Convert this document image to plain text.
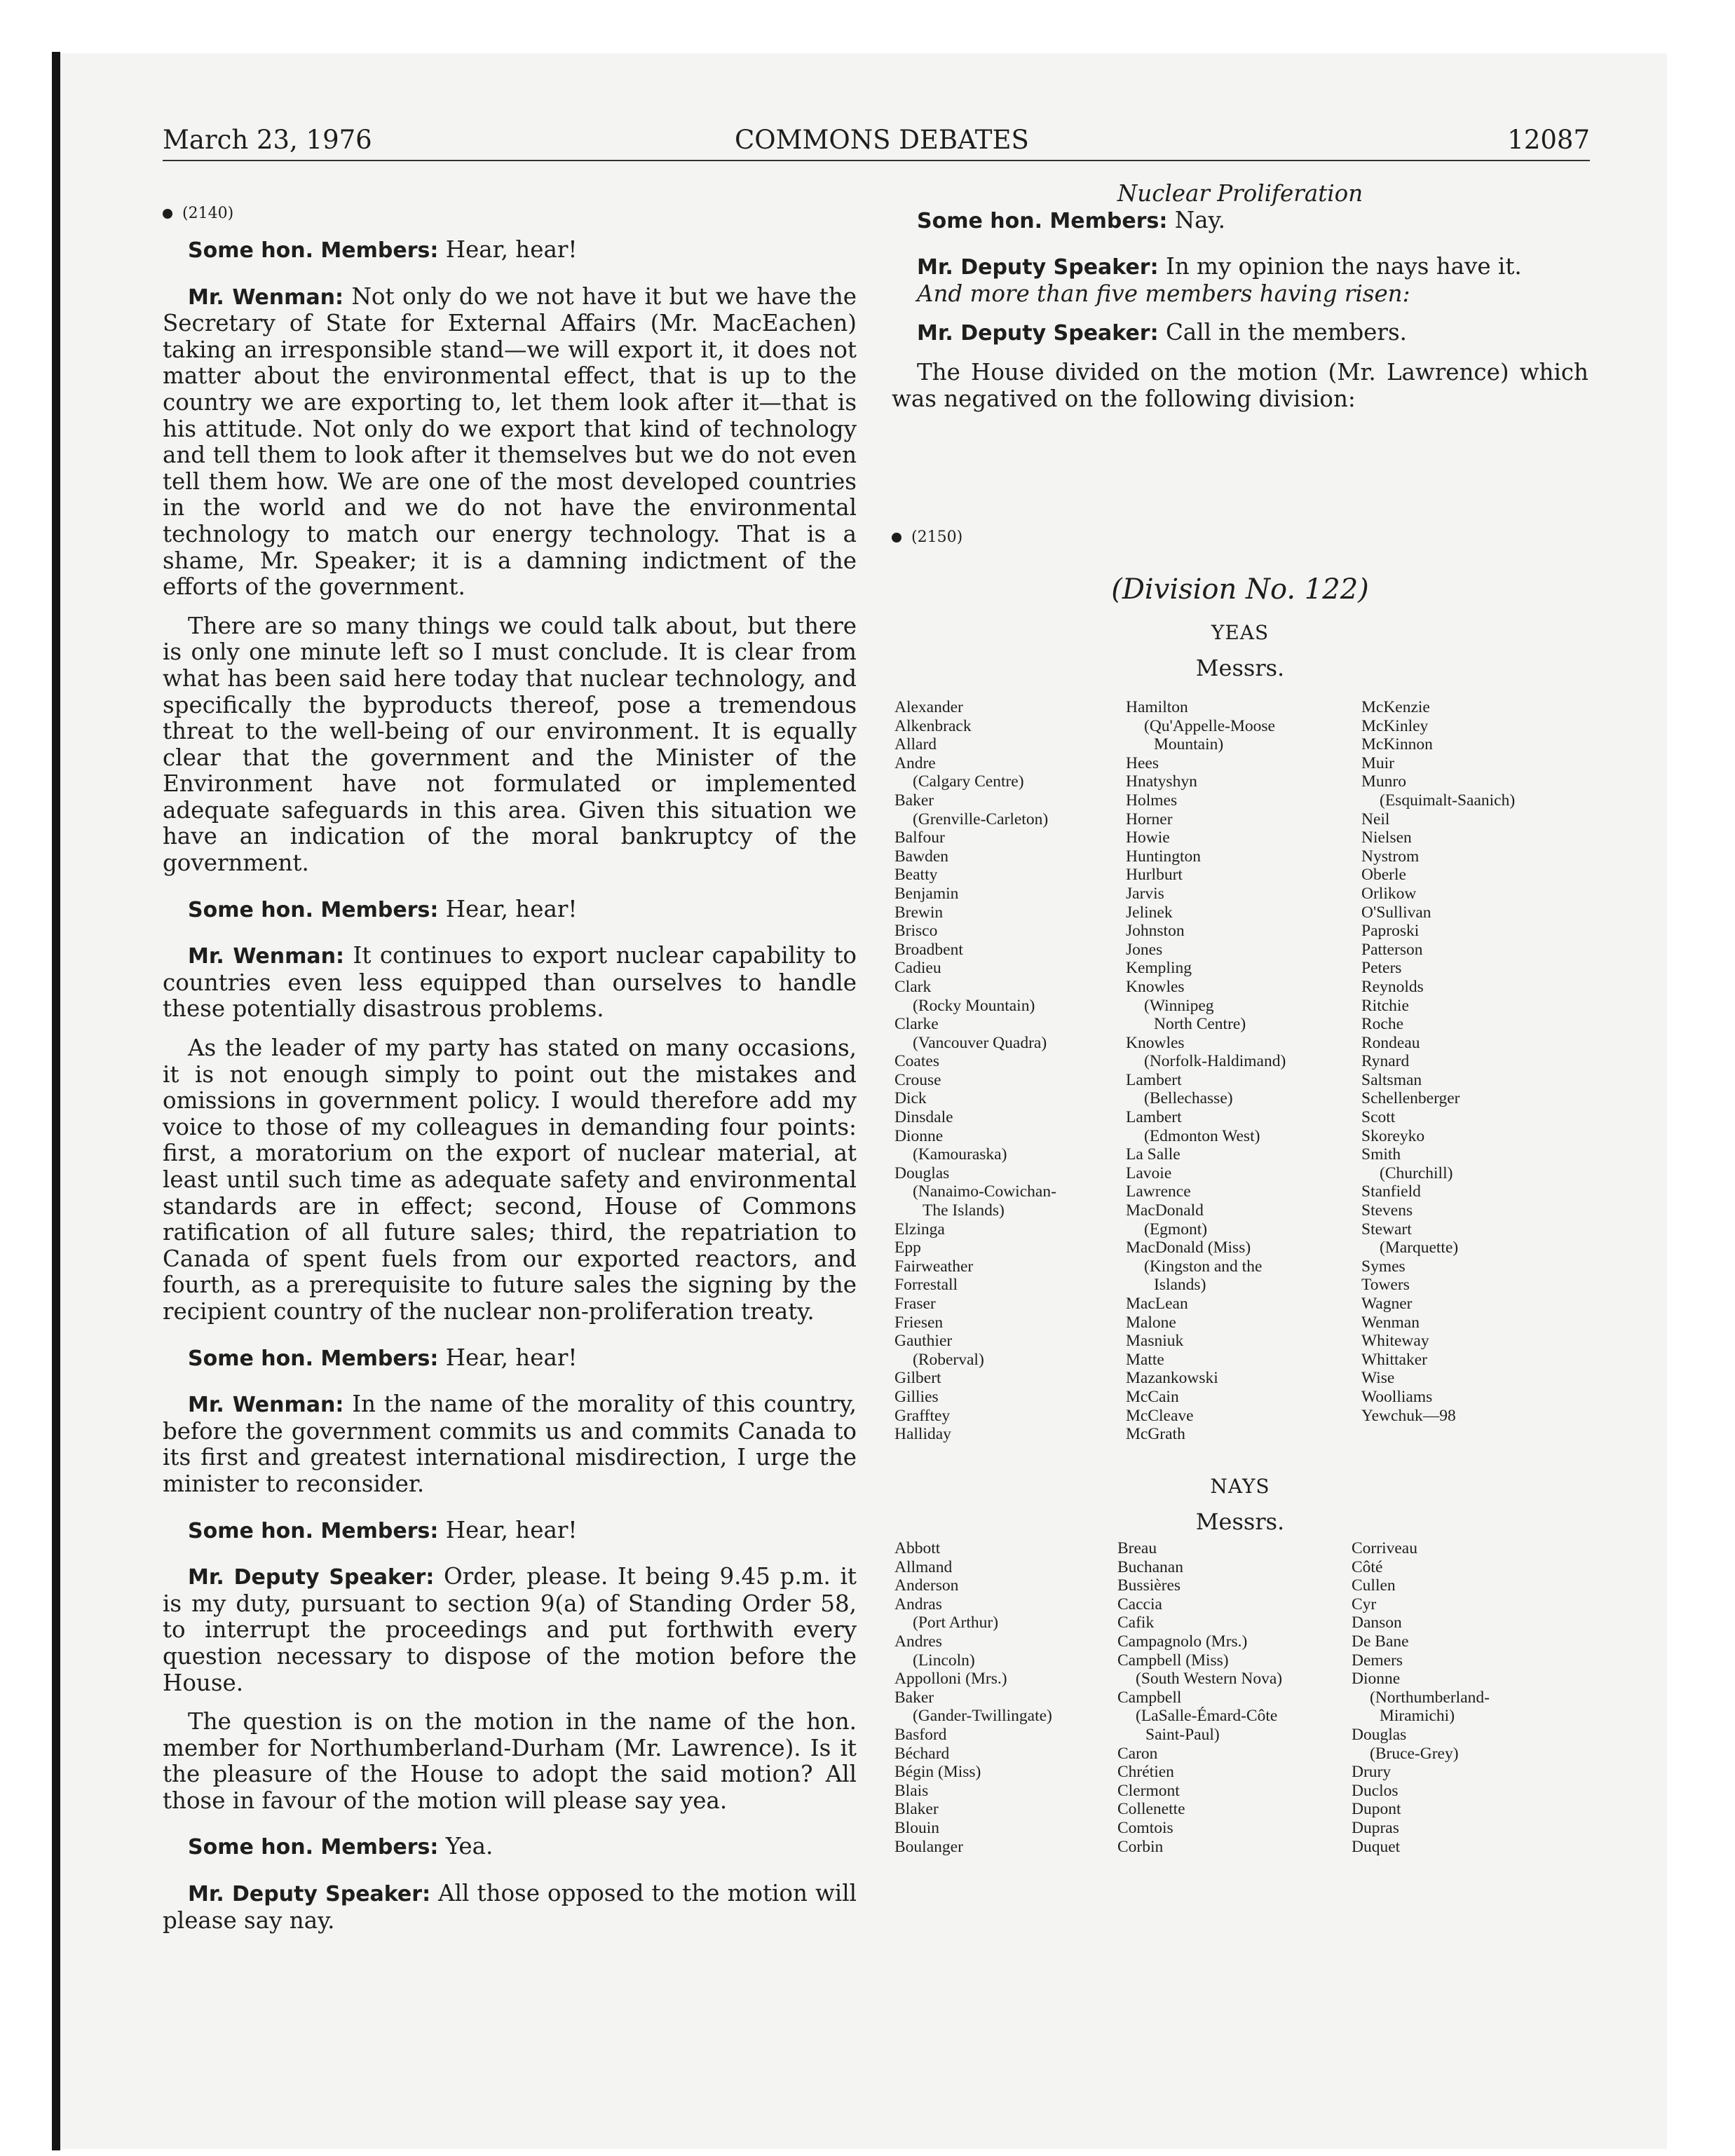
March 23, 1976	COMMONS DEBATES	12087

(2140)

Some hon. Members: Hear, hear!

Mr. Wenman: Not only do we not have it but we have the Secretary of State for External Affairs (Mr. MacEachen) taking an irresponsible stand—we will export it, it does not matter about the environmental effect, that is up to the country we are exporting to, let them look after it—that is his attitude. Not only do we export that kind of technology and tell them to look after it themselves but we do not even tell them how. We are one of the most developed countries in the world and we do not have the environmental technology to match our energy technology. That is a shame, Mr. Speaker; it is a damning indictment of the efforts of the government.

There are so many things we could talk about, but there is only one minute left so I must conclude. It is clear from what has been said here today that nuclear technology, and specifically the byproducts thereof, pose a tremendous threat to the well-being of our environment. It is equally clear that the government and the Minister of the Environment have not formulated or implemented adequate safeguards in this area. Given this situation we have an indication of the moral bankruptcy of the government.

Some hon. Members: Hear, hear!

Mr. Wenman: It continues to export nuclear capability to countries even less equipped than ourselves to handle these potentially disastrous problems.

As the leader of my party has stated on many occasions, it is not enough simply to point out the mistakes and omissions in government policy. I would therefore add my voice to those of my colleagues in demanding four points: first, a moratorium on the export of nuclear material, at least until such time as adequate safety and environmental standards are in effect; second, House of Commons ratification of all future sales; third, the repatriation to Canada of spent fuels from our exported reactors, and fourth, as a prerequisite to future sales the signing by the recipient country of the nuclear non-proliferation treaty.

Some hon. Members: Hear, hear!

Mr. Wenman: In the name of the morality of this country, before the government commits us and commits Canada to its first and greatest international misdirection, I urge the minister to reconsider.

Some hon. Members: Hear, hear!

Mr. Deputy Speaker: Order, please. It being 9.45 p.m. it is my duty, pursuant to section 9(a) of Standing Order 58, to interrupt the proceedings and put forthwith every question necessary to dispose of the motion before the House.

The question is on the motion in the name of the hon. member for Northumberland-Durham (Mr. Lawrence). Is it the pleasure of the House to adopt the said motion? All those in favour of the motion will please say yea.

Some hon. Members: Yea.

Mr. Deputy Speaker: All those opposed to the motion will please say nay.

Nuclear Proliferation

Some hon. Members: Nay.

Mr. Deputy Speaker: In my opinion the nays have it.

And more than five members having risen:

Mr. Deputy Speaker: Call in the members.

The House divided on the motion (Mr. Lawrence) which was negatived on the following division:

(2150)

(Division No. 122)
YEAS
Messrs.
Alexander
Alkenbrack
Allard
Andre
(Calgary Centre)
Baker
(Grenville-Carleton)
Balfour
Bawden
Beatty
Benjamin
Brewin
Brisco
Broadbent
Cadieu
Clark
(Rocky Mountain)
Clarke
(Vancouver Quadra)
Coates
Crouse
Dick
Dinsdale
Dionne
(Kamouraska)
Douglas
(Nanaimo-Cowichan-
The Islands)
Elzinga
Epp
Fairweather
Forrestall
Fraser
Friesen
Gauthier
(Roberval)
Gilbert
Gillies
Grafftey
Halliday
Hamilton
(Qu'Appelle-Moose
Mountain)
Hees
Hnatyshyn
Holmes
Horner
Howie
Huntington
Hurlburt
Jarvis
Jelinek
Johnston
Jones
Kempling
Knowles
(Winnipeg
North Centre)
Knowles
(Norfolk-Haldimand)
Lambert
(Bellechasse)
Lambert
(Edmonton West)
La Salle
Lavoie
Lawrence
MacDonald
(Egmont)
MacDonald (Miss)
(Kingston and the
Islands)
MacLean
Malone
Masniuk
Matte
Mazankowski
McCain
McCleave
McGrath
McKenzie
McKinley
McKinnon
Muir
Munro
(Esquimalt-Saanich)
Neil
Nielsen
Nystrom
Oberle
Orlikow
O'Sullivan
Paproski
Patterson
Peters
Reynolds
Ritchie
Roche
Rondeau
Rynard
Saltsman
Schellenberger
Scott
Skoreyko
Smith
(Churchill)
Stanfield
Stevens
Stewart
(Marquette)
Symes
Towers
Wagner
Wenman
Whiteway
Whittaker
Wise
Woolliams
Yewchuk—98
NAYS
Messrs.
Abbott
Allmand
Anderson
Andras
(Port Arthur)
Andres
(Lincoln)
Appolloni (Mrs.)
Baker
(Gander-Twillingate)
Basford
Béchard
Bégin (Miss)
Blais
Blaker
Blouin
Boulanger
Breau
Buchanan
Bussières
Caccia
Cafik
Campagnolo (Mrs.)
Campbell (Miss)
(South Western Nova)
Campbell
(LaSalle-Émard-Côte
Saint-Paul)
Caron
Chrétien
Clermont
Collenette
Comtois
Corbin
Corriveau
Côté
Cullen
Cyr
Danson
De Bane
Demers
Dionne
(Northumberland-
Miramichi)
Douglas
(Bruce-Grey)
Drury
Duclos
Dupont
Dupras
Duquet
